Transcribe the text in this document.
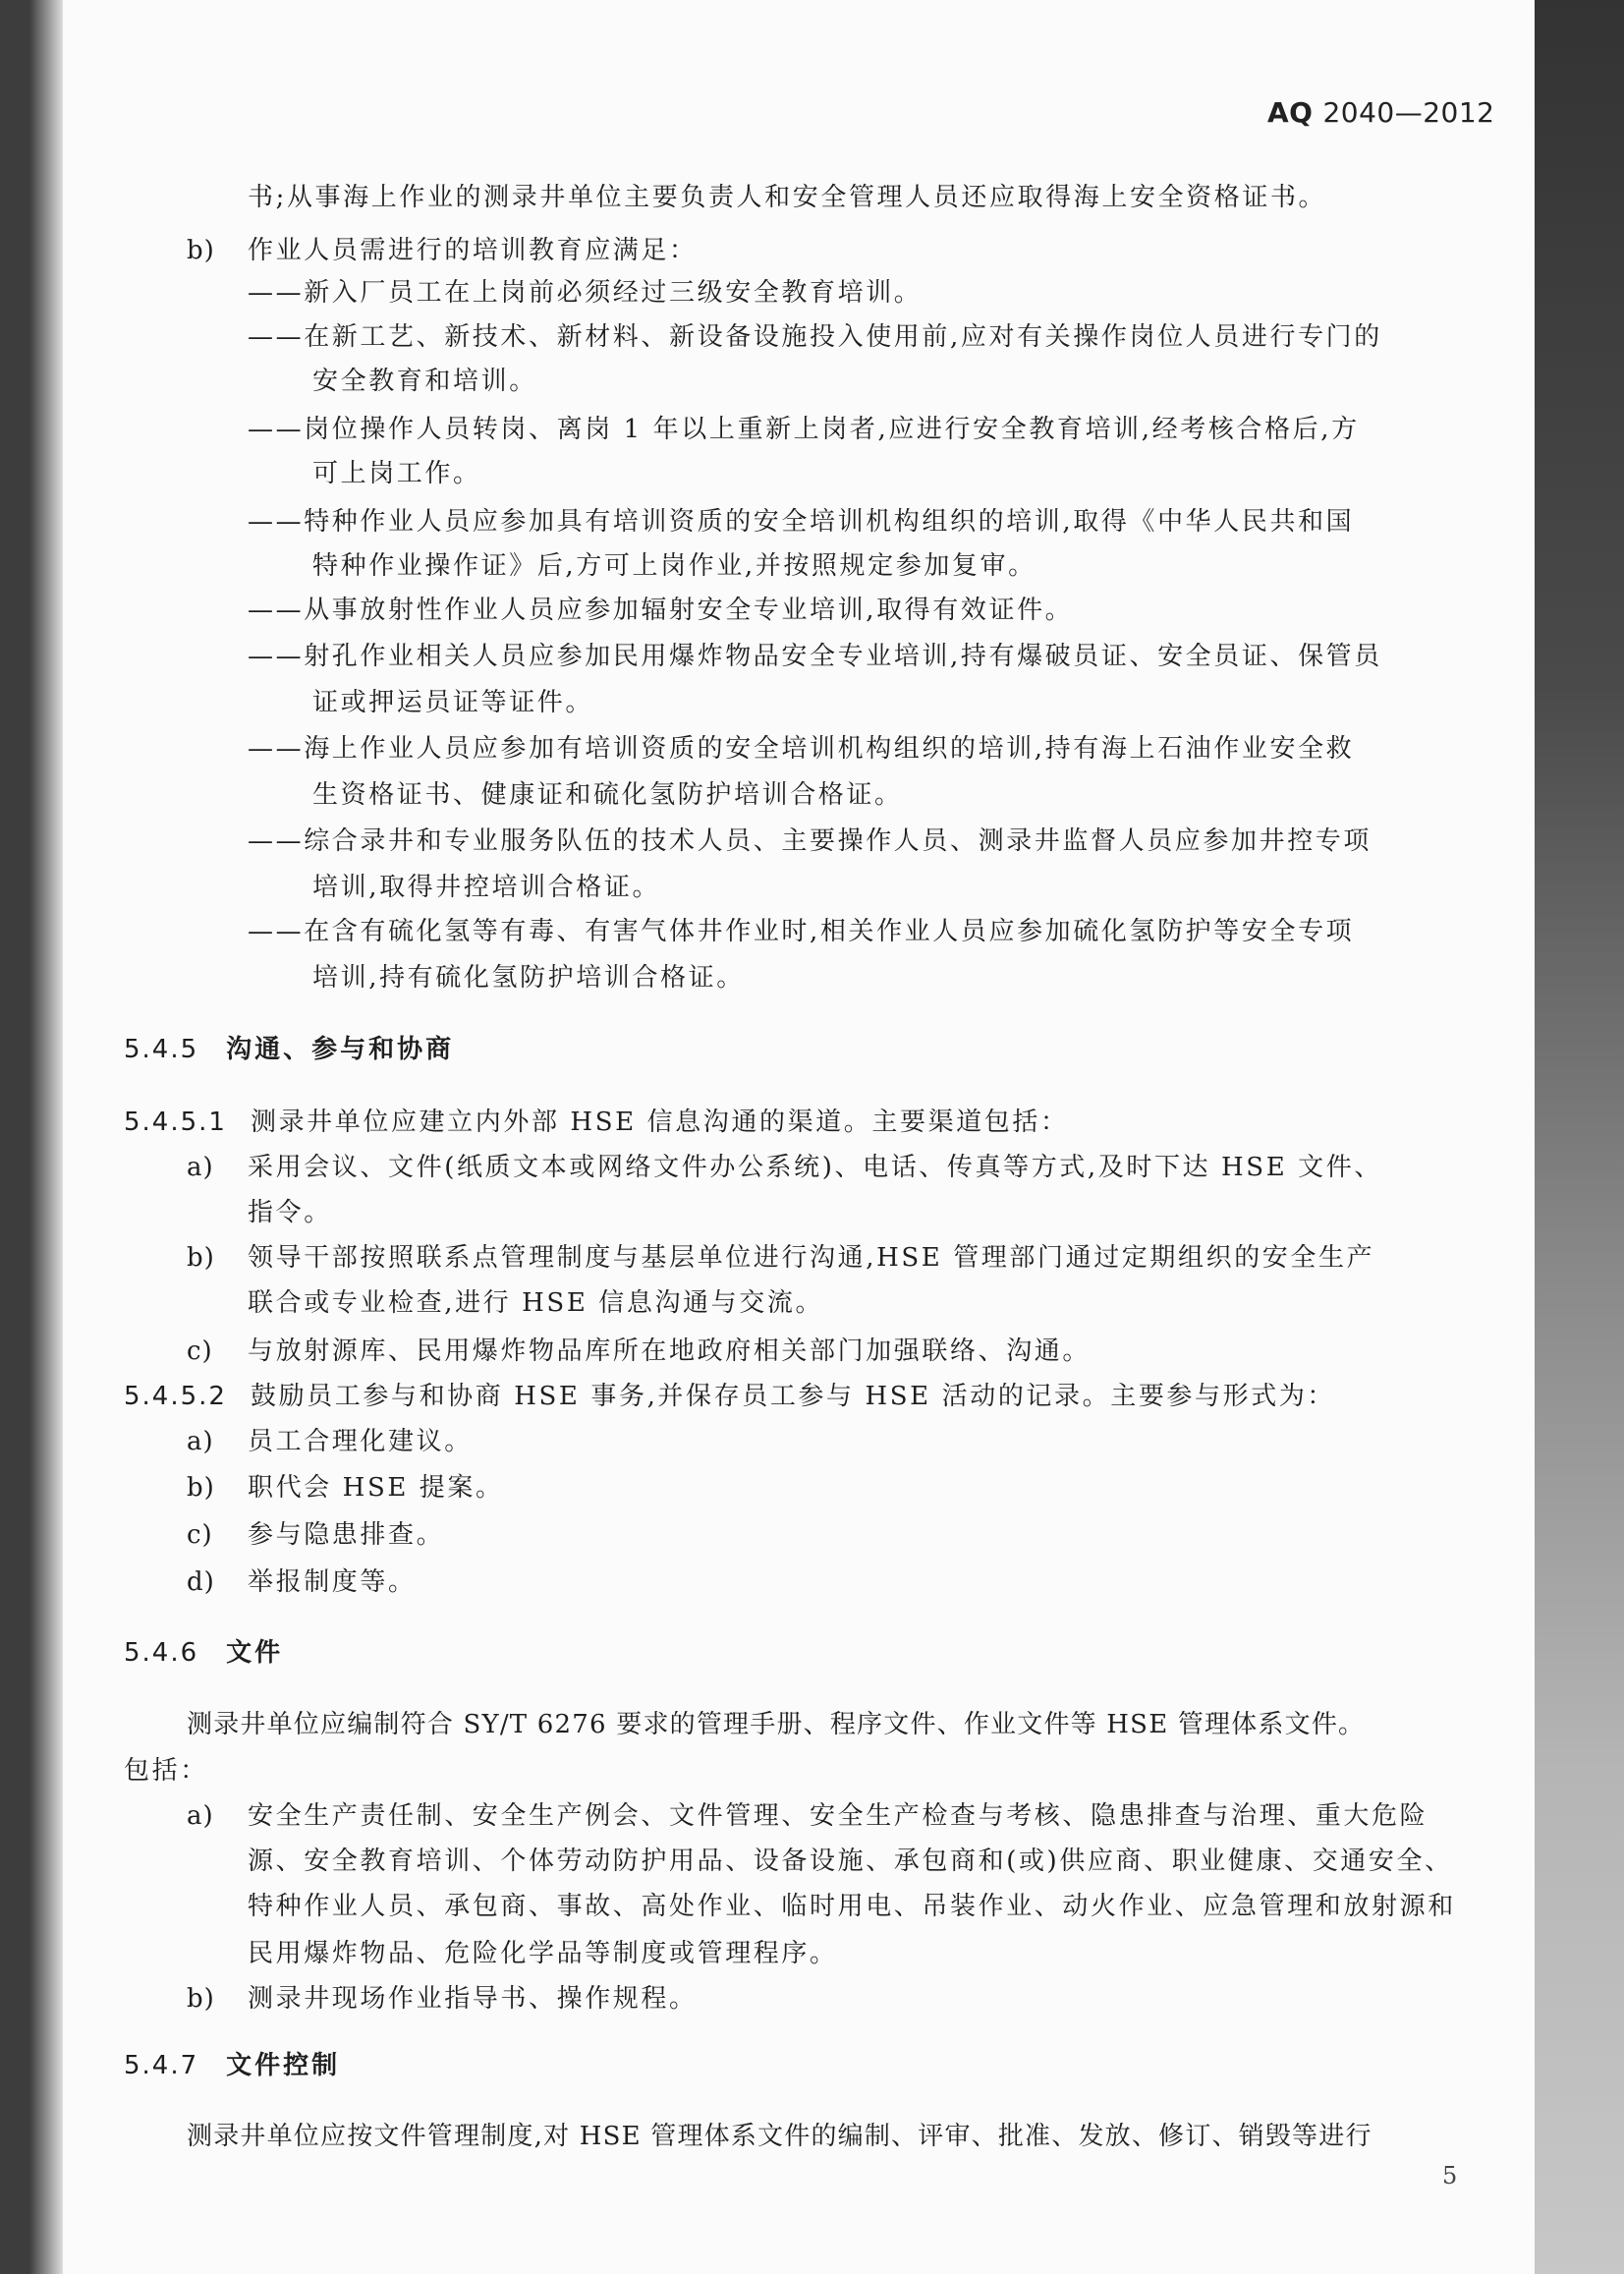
AQ 2040—2012
书;从事海上作业的测录井单位主要负责人和安全管理人员还应取得海上安全资格证书。
b) 作业人员需进行的培训教育应满足：
——新入厂员工在上岗前必须经过三级安全教育培训。
——在新工艺、新技术、新材料、新设备设施投入使用前,应对有关操作岗位人员进行专门的
安全教育和培训。
——岗位操作人员转岗、离岗 1 年以上重新上岗者,应进行安全教育培训,经考核合格后,方
可上岗工作。
——特种作业人员应参加具有培训资质的安全培训机构组织的培训,取得《中华人民共和国
特种作业操作证》后,方可上岗作业,并按照规定参加复审。
——从事放射性作业人员应参加辐射安全专业培训,取得有效证件。
——射孔作业相关人员应参加民用爆炸物品安全专业培训,持有爆破员证、安全员证、保管员
证或押运员证等证件。
——海上作业人员应参加有培训资质的安全培训机构组织的培训,持有海上石油作业安全救
生资格证书、健康证和硫化氢防护培训合格证。
——综合录井和专业服务队伍的技术人员、主要操作人员、测录井监督人员应参加井控专项
培训,取得井控培训合格证。
——在含有硫化氢等有毒、有害气体井作业时,相关作业人员应参加硫化氢防护等安全专项
培训,持有硫化氢防护培训合格证。
5.4.5 沟通、参与和协商
5.4.5.1 测录井单位应建立内外部 HSE 信息沟通的渠道。主要渠道包括：
a) 采用会议、文件(纸质文本或网络文件办公系统)、电话、传真等方式,及时下达 HSE 文件、
指令。
b) 领导干部按照联系点管理制度与基层单位进行沟通,HSE 管理部门通过定期组织的安全生产
联合或专业检查,进行 HSE 信息沟通与交流。
c) 与放射源库、民用爆炸物品库所在地政府相关部门加强联络、沟通。
5.4.5.2 鼓励员工参与和协商 HSE 事务,并保存员工参与 HSE 活动的记录。主要参与形式为：
a) 员工合理化建议。
b) 职代会 HSE 提案。
c) 参与隐患排查。
d) 举报制度等。
5.4.6 文件
测录井单位应编制符合 SY/T 6276 要求的管理手册、程序文件、作业文件等 HSE 管理体系文件。
包括：
a) 安全生产责任制、安全生产例会、文件管理、安全生产检查与考核、隐患排查与治理、重大危险
源、安全教育培训、个体劳动防护用品、设备设施、承包商和(或)供应商、职业健康、交通安全、
特种作业人员、承包商、事故、高处作业、临时用电、吊装作业、动火作业、应急管理和放射源和
民用爆炸物品、危险化学品等制度或管理程序。
b) 测录井现场作业指导书、操作规程。
5.4.7 文件控制
测录井单位应按文件管理制度,对 HSE 管理体系文件的编制、评审、批准、发放、修订、销毁等进行
5
